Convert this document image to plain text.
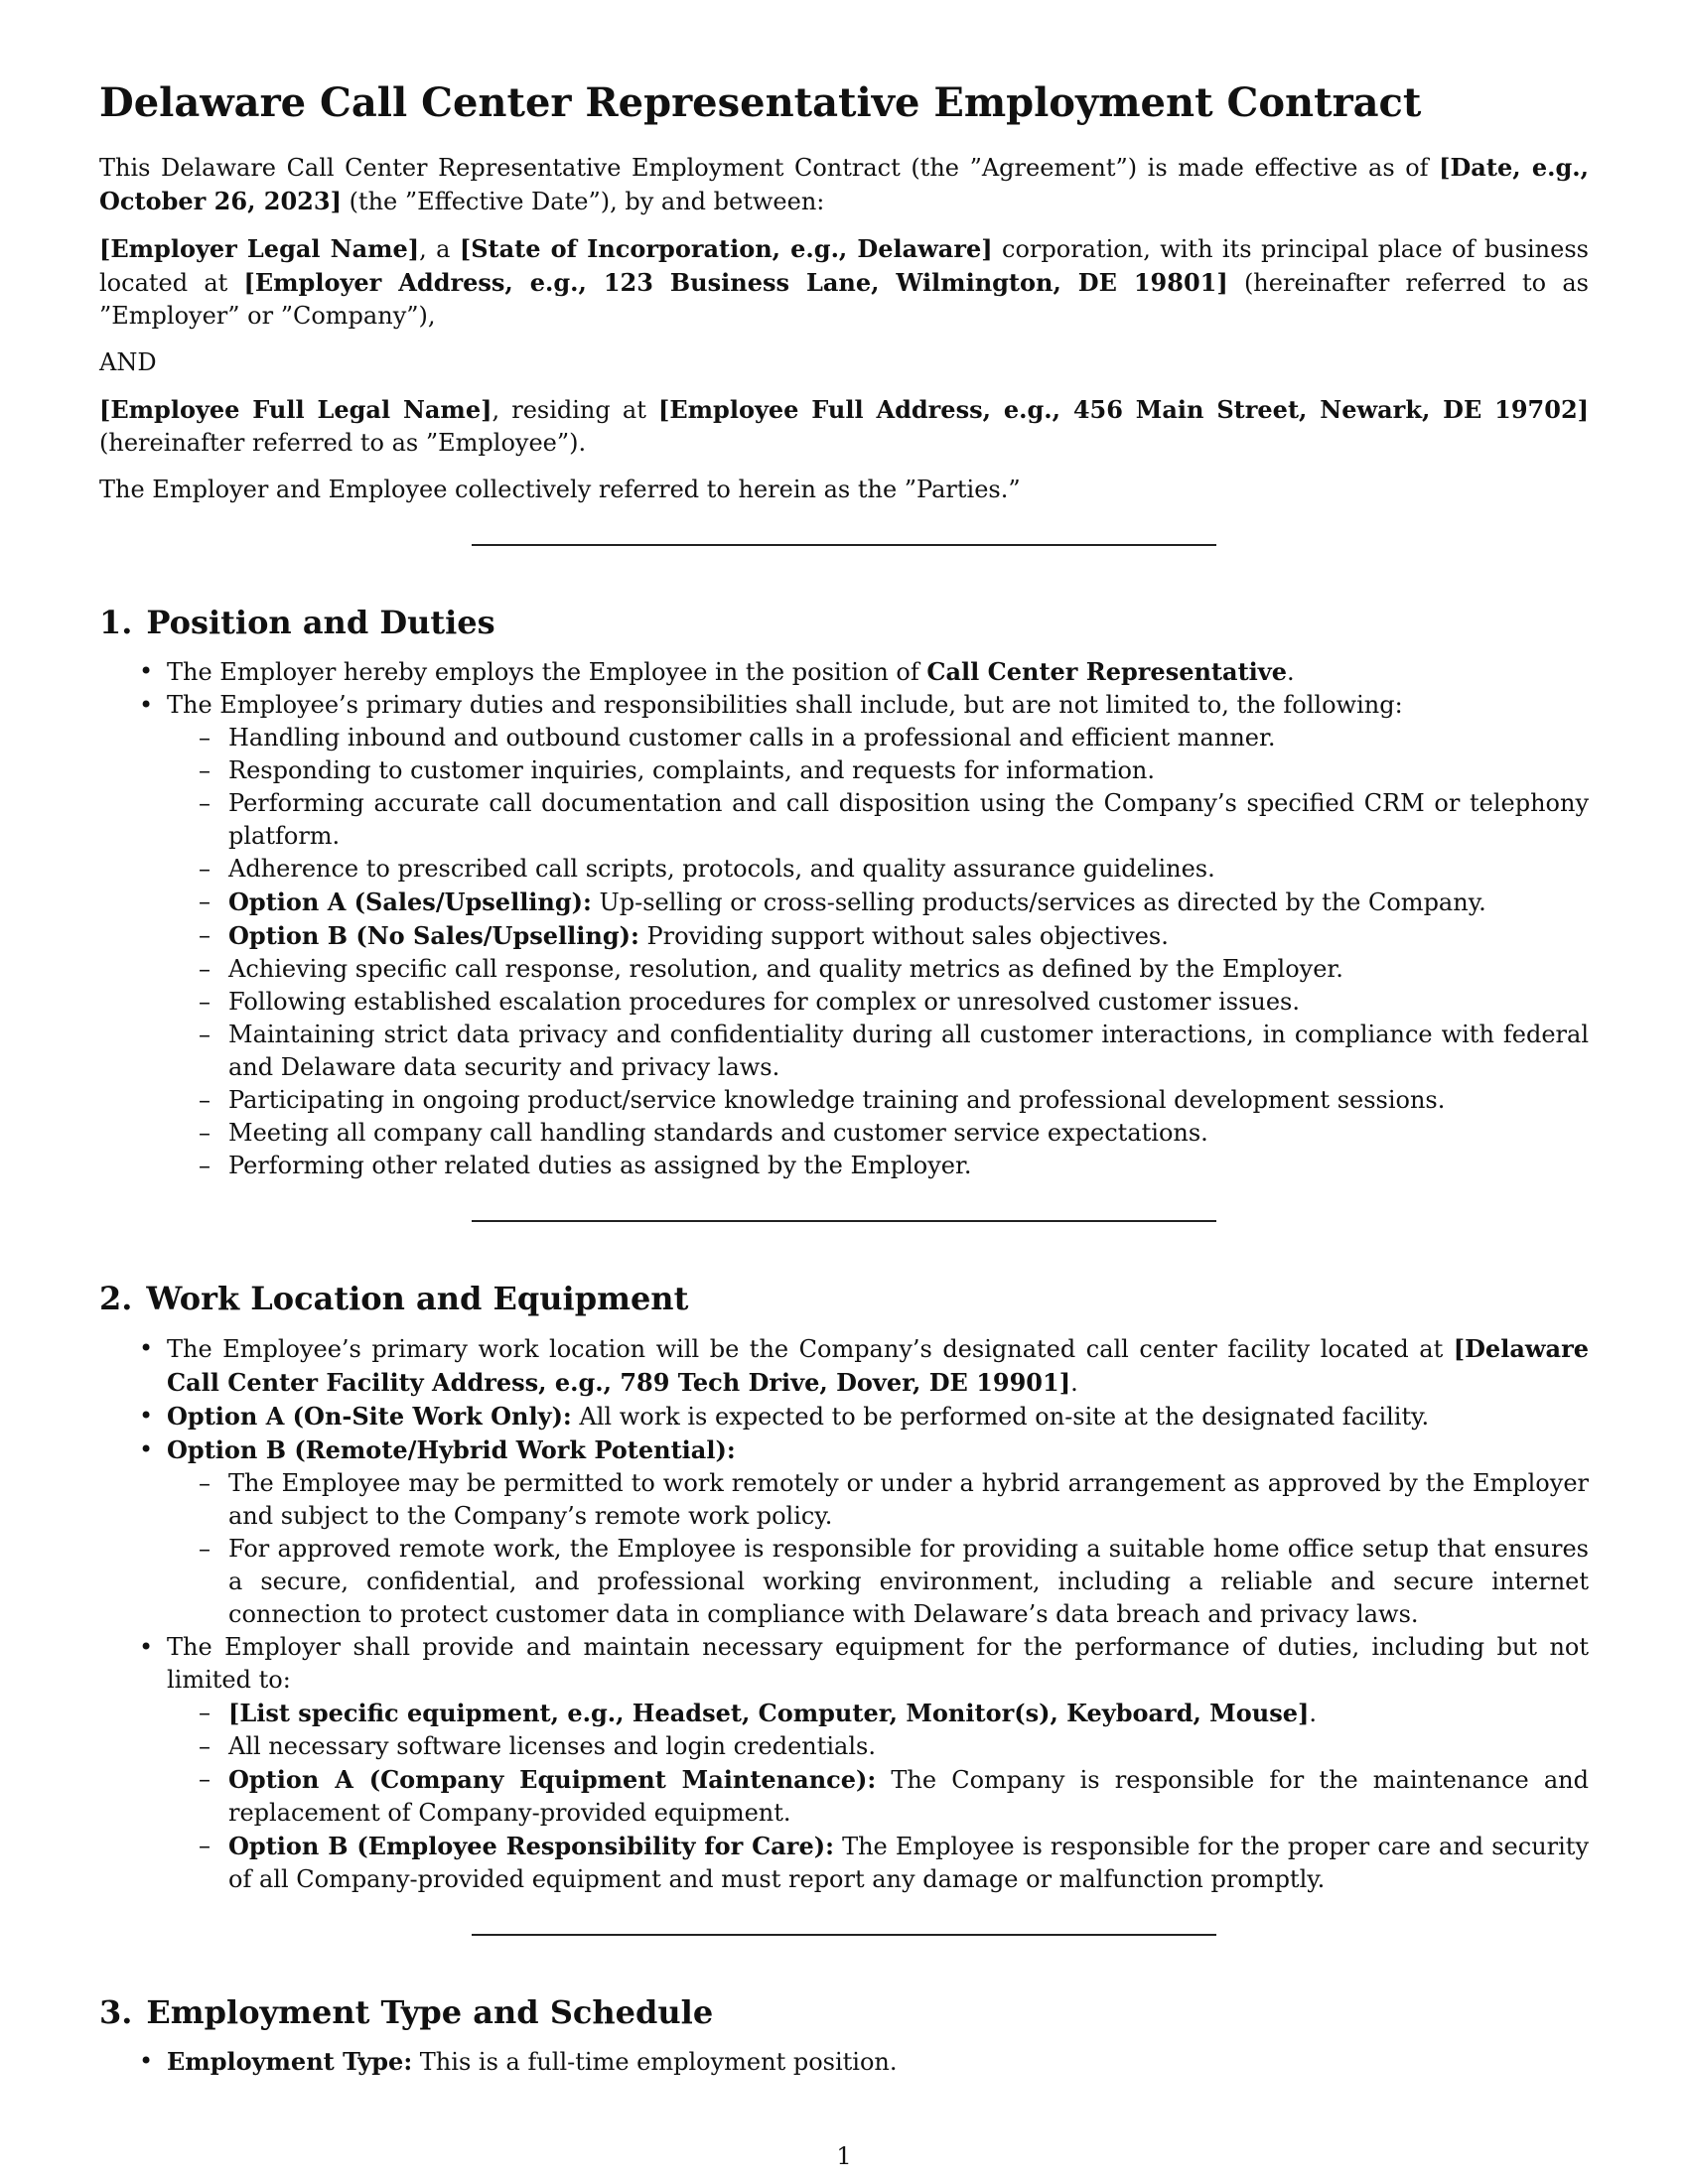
Delaware Call Center Representative Employment Contract

This Delaware Call Center Representative Employment Contract (the ”Agreement”) is made effective as of [Date, e.g., October 26, 2023] (the ”Effective Date”), by and between:

[Employer Legal Name], a [State of Incorporation, e.g., Delaware] corporation, with its principal place of business located at [Employer Address, e.g., 123 Business Lane, Wilmington, DE 19801] (hereinafter referred to as ”Employer” or ”Company”),

AND

[Employee Full Legal Name], residing at [Employee Full Address, e.g., 456 Main Street, Newark, DE 19702] (hereinafter referred to as ”Employee”).

The Employer and Employee collectively referred to herein as the ”Parties.”

1. Position and Duties
• The Employer hereby employs the Employee in the position of Call Center Representative.
• The Employee’s primary duties and responsibilities shall include, but are not limited to, the following:
– Handling inbound and outbound customer calls in a professional and efficient manner.
– Responding to customer inquiries, complaints, and requests for information.
– Performing accurate call documentation and call disposition using the Company’s specified CRM or telephony platform.
– Adherence to prescribed call scripts, protocols, and quality assurance guidelines.
– Option A (Sales/Upselling): Up-selling or cross-selling products/services as directed by the Company.
– Option B (No Sales/Upselling): Providing support without sales objectives.
– Achieving specific call response, resolution, and quality metrics as defined by the Employer.
– Following established escalation procedures for complex or unresolved customer issues.
– Maintaining strict data privacy and confidentiality during all customer interactions, in compliance with federal and Delaware data security and privacy laws.
– Participating in ongoing product/service knowledge training and professional development sessions.
– Meeting all company call handling standards and customer service expectations.
– Performing other related duties as assigned by the Employer.
2. Work Location and Equipment
• The Employee’s primary work location will be the Company’s designated call center facility located at [Delaware Call Center Facility Address, e.g., 789 Tech Drive, Dover, DE 19901].
• Option A (On-Site Work Only): All work is expected to be performed on-site at the designated facility.
• Option B (Remote/Hybrid Work Potential):
– The Employee may be permitted to work remotely or under a hybrid arrangement as approved by the Employer and subject to the Company’s remote work policy.
– For approved remote work, the Employee is responsible for providing a suitable home office setup that ensures a secure, confidential, and professional working environment, including a reliable and secure internet connection to protect customer data in compliance with Delaware’s data breach and privacy laws.
• The Employer shall provide and maintain necessary equipment for the performance of duties, including but not limited to:
– [List specific equipment, e.g., Headset, Computer, Monitor(s), Keyboard, Mouse].
– All necessary software licenses and login credentials.
– Option A (Company Equipment Maintenance): The Company is responsible for the maintenance and replacement of Company-provided equipment.
– Option B (Employee Responsibility for Care): The Employee is responsible for the proper care and security of all Company-provided equipment and must report any damage or malfunction promptly.
3. Employment Type and Schedule
• Employment Type: This is a full-time employment position.
1
